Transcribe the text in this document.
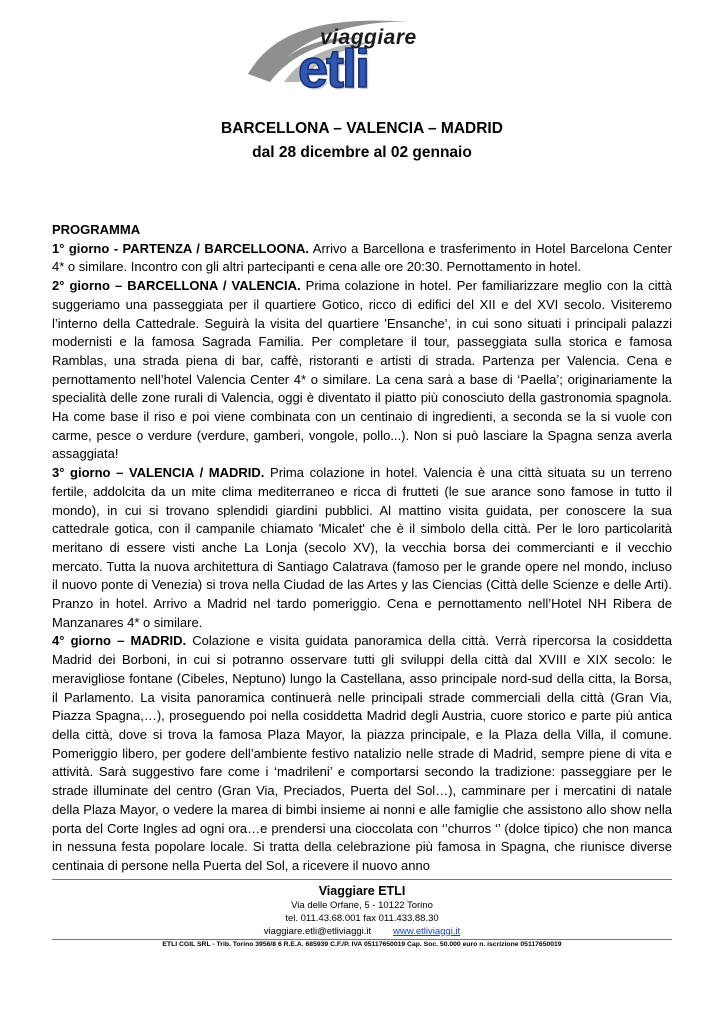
viaggiare
etli
BARCELLONA – VALENCIA – MADRID
dal 28 dicembre al 02 gennaio
PROGRAMMA

1° giorno - PARTENZA / BARCELLOONA. Arrivo a Barcellona e trasferimento in Hotel Barcelona Center 4* o similare. Incontro con gli altri partecipanti e cena alle ore 20:30. Pernottamento in hotel.

2° giorno – BARCELLONA / VALENCIA. Prima colazione in hotel. Per familiarizzare meglio con la città suggeriamo una passeggiata per il quartiere Gotico, ricco di edifici del XII e del XVI secolo. Visiteremo l’interno della Cattedrale. Seguirà la visita del quartiere 'Ensanche’, in cui sono situati i principali palazzi modernisti e la famosa Sagrada Familia. Per completare il tour, passeggiata sulla storica e famosa Ramblas, una strada piena di bar, caffè, ristoranti e artisti di strada. Partenza per Valencia. Cena e pernottamento nell’hotel Valencia Center 4* o similare. La cena sarà a base di ‘Paella’; originariamente la specialità delle zone rurali di Valencia, oggi è diventato il piatto più conosciuto della gastronomia spagnola. Ha come base il riso e poi viene combinata con un centinaio di ingredienti, a seconda se la si vuole con carme, pesce o verdure (verdure, gamberi, vongole, pollo...). Non si può lasciare la Spagna senza averla assaggiata!

3° giorno – VALENCIA / MADRID. Prima colazione in hotel. Valencia è una città situata su un terreno fertile, addolcita da un mite clima mediterraneo e ricca di frutteti (le sue arance sono famose in tutto il mondo), in cui si trovano splendidi giardini pubblici. Al mattino visita guidata, per conoscere la sua cattedrale gotica, con il campanile chiamato 'Micalet' che è il simbolo della città. Per le loro particolarità meritano di essere visti anche La Lonja (secolo XV), la vecchia borsa dei commercianti e il vecchio mercato. Tutta la nuova architettura di Santiago Calatrava (famoso per le grande opere nel mondo, incluso il nuovo ponte di Venezia) si trova nella Ciudad de las Artes y las Ciencias (Città delle Scienze e delle Arti). Pranzo in hotel. Arrivo a Madrid nel tardo pomeriggio. Cena e pernottamento nell’Hotel NH Ribera de Manzanares 4* o similare.

4° giorno – MADRID. Colazione e visita guidata panoramica della città. Verrà ripercorsa la cosiddetta Madrid dei Borboni, in cui si potranno osservare tutti gli sviluppi della città dal XVIII e XIX secolo: le meravigliose fontane (Cibeles, Neptuno) lungo la Castellana, asso principale nord-sud della citta, la Borsa, il Parlamento. La visita panoramica continuerà nelle principali strade commerciali della città (Gran Via, Piazza Spagna,…), proseguendo poi nella cosiddetta Madrid degli Austria, cuore storico e parte più antica della città, dove si trova la famosa Plaza Mayor, la piazza principale, e la Plaza della Villa, il comune. Pomeriggio libero, per godere dell’ambiente festivo natalizio nelle strade di Madrid, sempre piene di vita e attività. Sarà suggestivo fare come i ‘madrileni’ e comportarsi secondo la tradizione: passeggiare per le strade illuminate del centro (Gran Via, Preciados, Puerta del Sol…), camminare per i mercatini di natale della Plaza Mayor, o vedere la marea di bimbi insieme ai nonni e alle famiglie che assistono allo show nella porta del Corte Ingles ad ogni ora…e prendersi una cioccolata con ‘’churros ‘’ (dolce tipico) che non manca in nessuna festa popolare locale. Si tratta della celebrazione più famosa in Spagna, che riunisce diverse centinaia di persone nella Puerta del Sol, a ricevere il nuovo anno

Viaggiare ETLI
Via delle Orfane, 5 - 10122 Torino
tel. 011.43.68.001 fax 011.433.88.30
viaggiare.etli@etliviaggi.it www.etliviaggi.it
ETLI CGIL SRL - Trib. Torino 3956/8 6 R.E.A. 685939 C.F./P. IVA 05117650019 Cap. Soc. 50.000 euro n. iscrizione 05117650019
